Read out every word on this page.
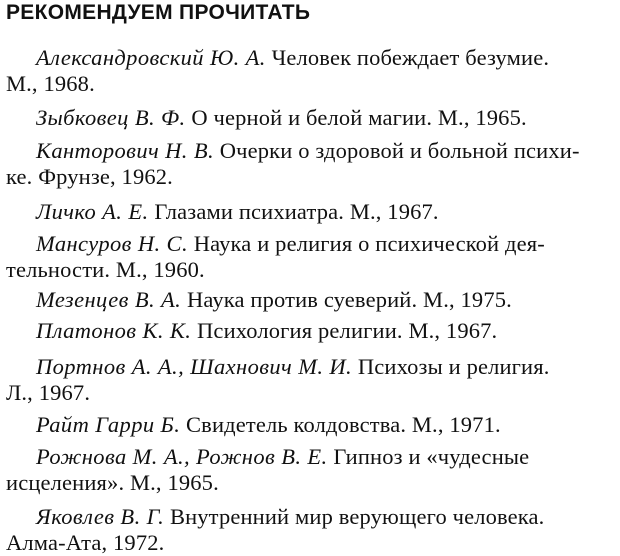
РЕКОМЕНДУЕМ ПРОЧИТАТЬ
Александровский Ю. А. Человек побеждает безумие.
М., 1968.
Зыбковец В. Ф. О черной и белой магии. М., 1965.
Канторович Н. В. Очерки о здоровой и больной психи-
ке. Фрунзе, 1962.
Личко А. Е. Глазами психиатра. М., 1967.
Мансуров Н. С. Наука и религия о психической дея-
тельности. М., 1960.
Мезенцев В. А. Наука против суеверий. М., 1975.
Платонов К. К. Психология религии. М., 1967.
Портнов А. А., Шахнович М. И. Психозы и религия.
Л., 1967.
Райт Гарри Б. Свидетель колдовства. М., 1971.
Рожнова М. А., Рожнов В. Е. Гипноз и «чудесные
исцеления». М., 1965.
Яковлев В. Г. Внутренний мир верующего человека.
Алма-Ата, 1972.
